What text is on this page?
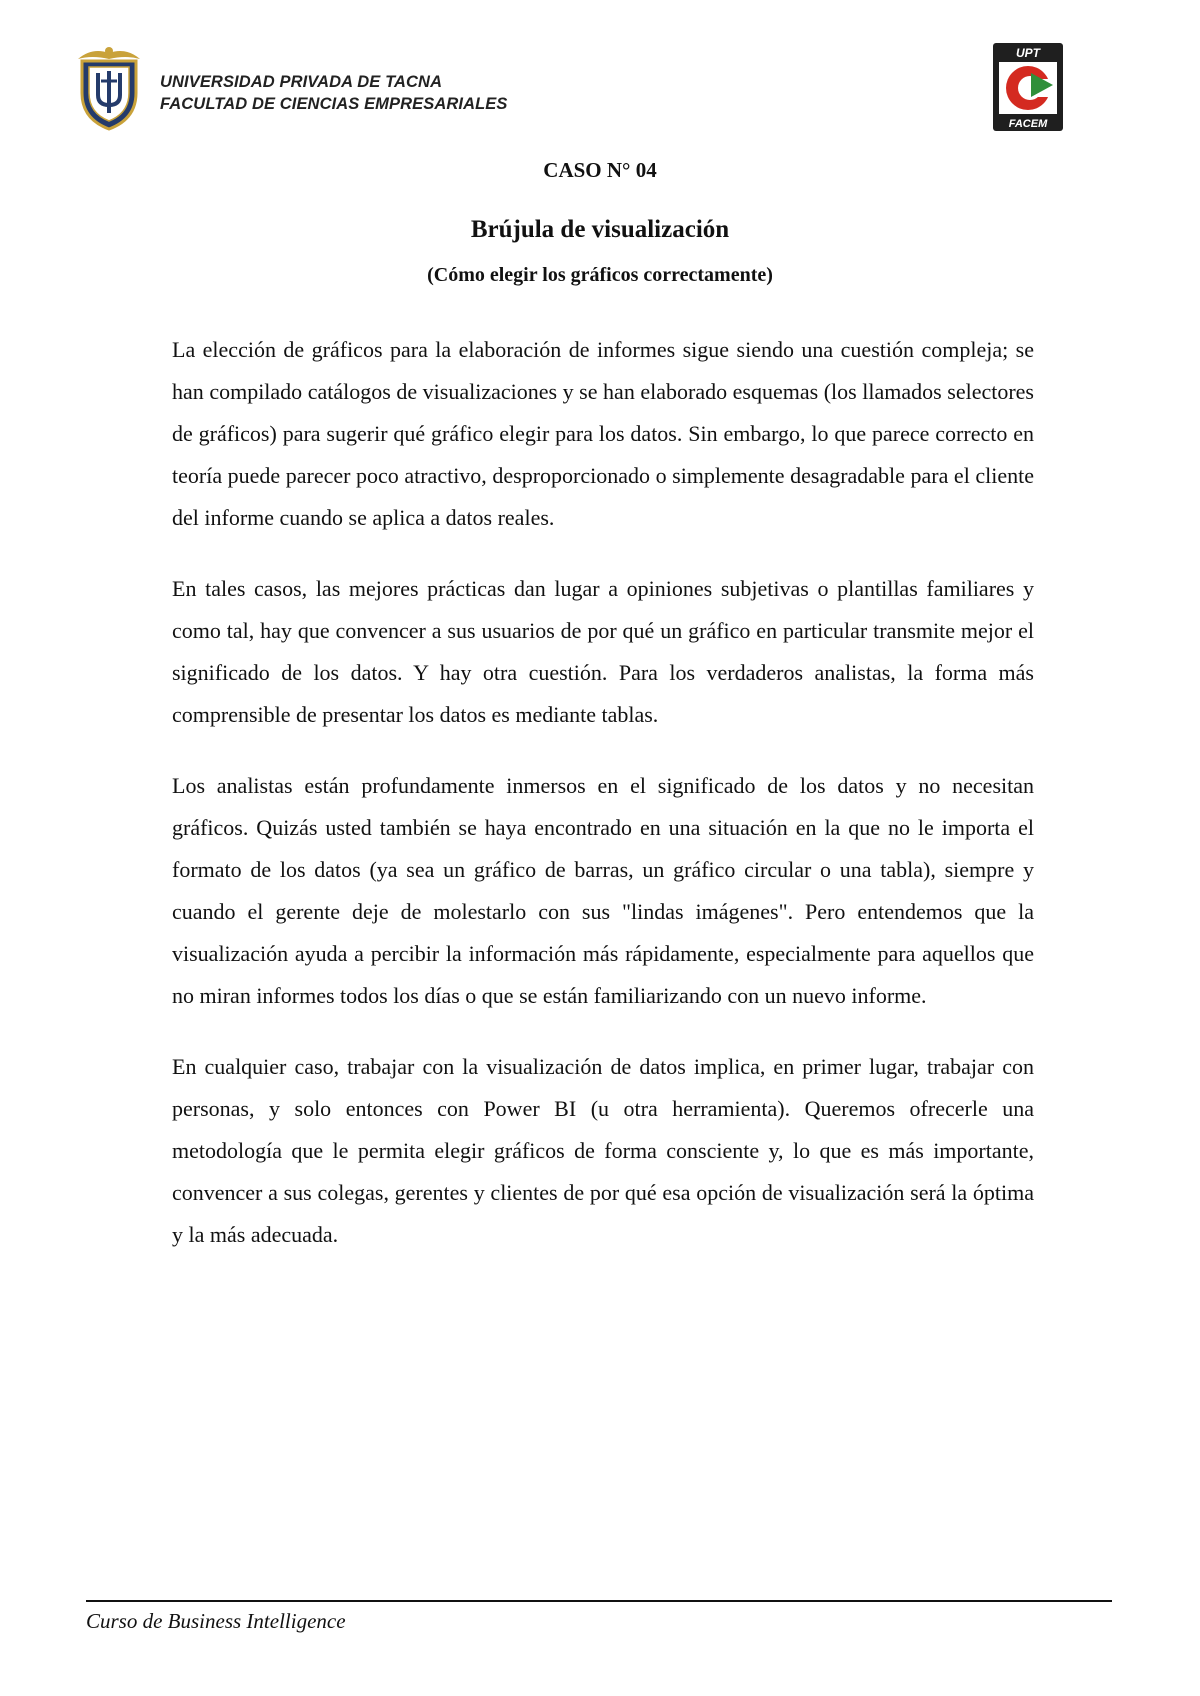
UNIVERSIDAD PRIVADA DE TACNA
FACULTAD DE CIENCIAS EMPRESARIALES
UPT
FACEM
CASO N° 04
Brújula de visualización
(Cómo elegir los gráficos correctamente)

La elección de gráficos para la elaboración de informes sigue siendo una cuestión compleja; se han compilado catálogos de visualizaciones y se han elaborado esquemas (los llamados selectores de gráficos) para sugerir qué gráfico elegir para los datos. Sin embargo, lo que parece correcto en teoría puede parecer poco atractivo, desproporcionado o simplemente desagradable para el cliente del informe cuando se aplica a datos reales.

En tales casos, las mejores prácticas dan lugar a opiniones subjetivas o plantillas familiares y como tal, hay que convencer a sus usuarios de por qué un gráfico en particular transmite mejor el significado de los datos. Y hay otra cuestión. Para los verdaderos analistas, la forma más comprensible de presentar los datos es mediante tablas.

Los analistas están profundamente inmersos en el significado de los datos y no necesitan gráficos. Quizás usted también se haya encontrado en una situación en la que no le importa el formato de los datos (ya sea un gráfico de barras, un gráfico circular o una tabla), siempre y cuando el gerente deje de molestarlo con sus "lindas imágenes". Pero entendemos que la visualización ayuda a percibir la información más rápidamente, especialmente para aquellos que no miran informes todos los días o que se están familiarizando con un nuevo informe.

En cualquier caso, trabajar con la visualización de datos implica, en primer lugar, trabajar con personas, y solo entonces con Power BI (u otra herramienta). Queremos ofrecerle una metodología que le permita elegir gráficos de forma consciente y, lo que es más importante, convencer a sus colegas, gerentes y clientes de por qué esa opción de visualización será la óptima y la más adecuada.

Curso de Business Intelligence
